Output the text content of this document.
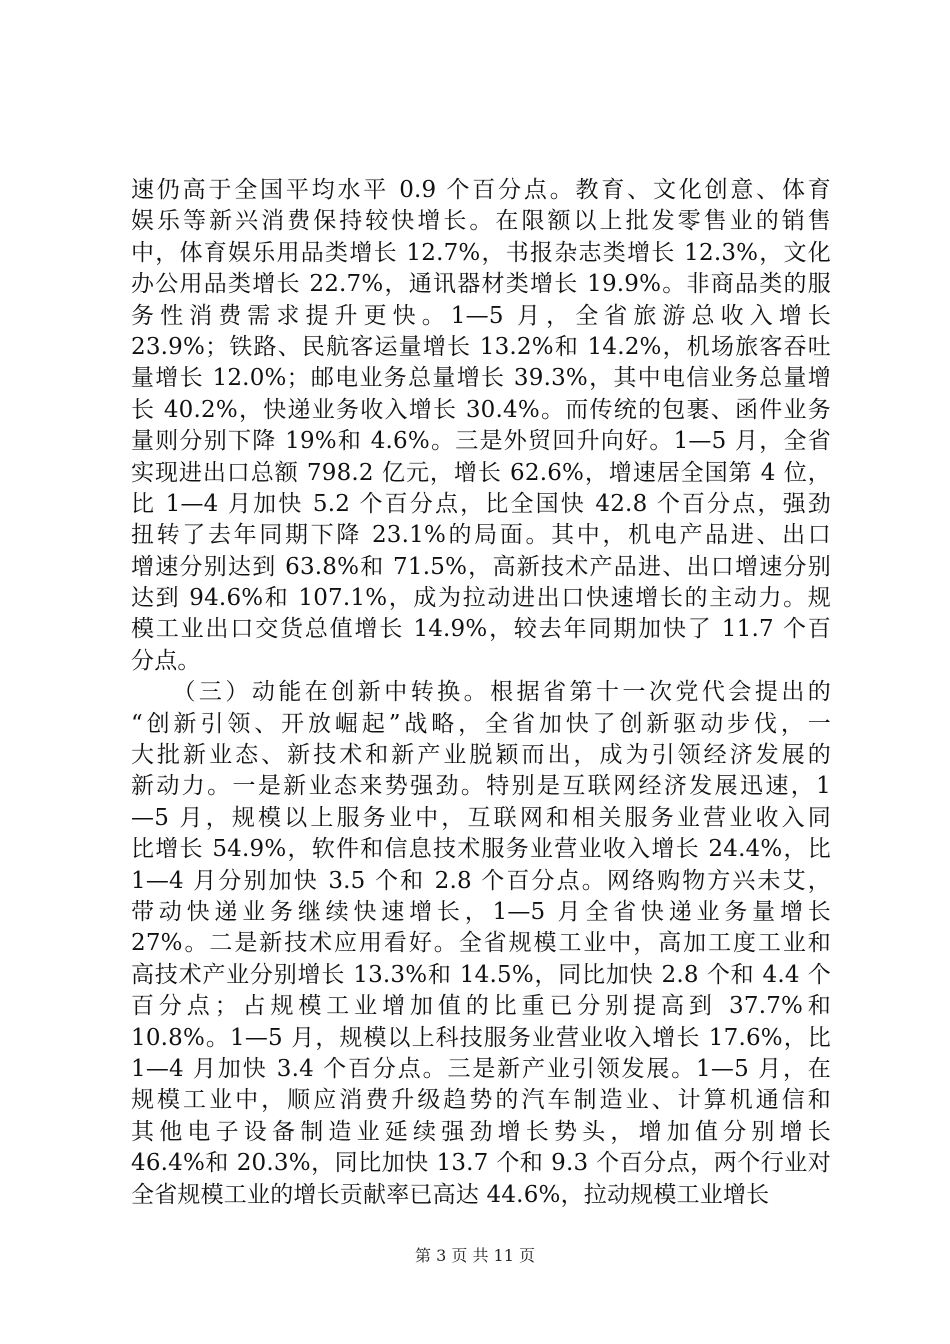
速仍高于全国平均水平 0.9 个百分点。教育、文化创意、体育
娱乐等新兴消费保持较快增长。在限额以上批发零售业的销售
中，体育娱乐用品类增长 12.7%，书报杂志类增长 12.3%，文化
办公用品类增长 22.7%，通讯器材类增长 19.9%。非商品类的服
务性消费需求提升更快。1—5 月，全省旅游总收入增长
23.9%；铁路、民航客运量增长 13.2%和 14.2%，机场旅客吞吐
量增长 12.0%；邮电业务总量增长 39.3%，其中电信业务总量增
长 40.2%，快递业务收入增长 30.4%。而传统的包裹、函件业务
量则分别下降 19%和 4.6%。三是外贸回升向好。1—5 月，全省
实现进出口总额 798.2 亿元，增长 62.6%，增速居全国第 4 位，
比 1—4 月加快 5.2 个百分点，比全国快 42.8 个百分点，强劲
扭转了去年同期下降 23.1%的局面。其中，机电产品进、出口
增速分别达到 63.8%和 71.5%，高新技术产品进、出口增速分别
达到 94.6%和 107.1%，成为拉动进出口快速增长的主动力。规
模工业出口交货总值增长 14.9%，较去年同期加快了 11.7 个百
分点。
　　（三）动能在创新中转换。根据省第十一次党代会提出的
“创新引领、开放崛起”战略，全省加快了创新驱动步伐，一
大批新业态、新技术和新产业脱颖而出，成为引领经济发展的
新动力。一是新业态来势强劲。特别是互联网经济发展迅速，1
—5 月，规模以上服务业中，互联网和相关服务业营业收入同
比增长 54.9%，软件和信息技术服务业营业收入增长 24.4%，比
1—4 月分别加快 3.5 个和 2.8 个百分点。网络购物方兴未艾，
带动快递业务继续快速增长，1—5 月全省快递业务量增长
27%。二是新技术应用看好。全省规模工业中，高加工度工业和
高技术产业分别增长 13.3%和 14.5%，同比加快 2.8 个和 4.4 个
百分点；占规模工业增加值的比重已分别提高到 37.7%和
10.8%。1—5 月，规模以上科技服务业营业收入增长 17.6%，比
1—4 月加快 3.4 个百分点。三是新产业引领发展。1—5 月，在
规模工业中，顺应消费升级趋势的汽车制造业、计算机通信和
其他电子设备制造业延续强劲增长势头，增加值分别增长
46.4%和 20.3%，同比加快 13.7 个和 9.3 个百分点，两个行业对
全省规模工业的增长贡献率已高达 44.6%，拉动规模工业增长
第 3 页 共 11 页
